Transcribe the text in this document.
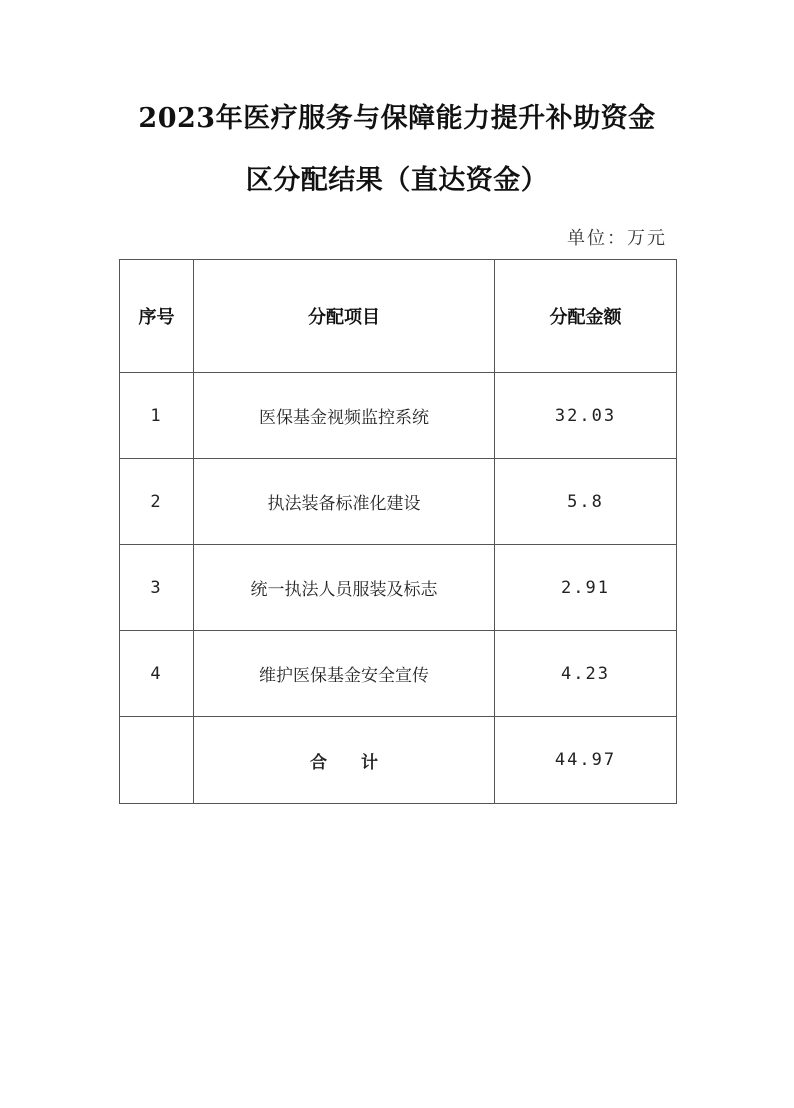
2023年医疗服务与保障能力提升补助资金
区分配结果（直达资金）
单位：万元
序号	分配项目	分配金额
1	医保基金视频监控系统	32.03
2	执法装备标准化建设	5.8
3	统一执法人员服装及标志	2.91
4	维护医保基金安全宣传	4.23
	合　　计	44.97
